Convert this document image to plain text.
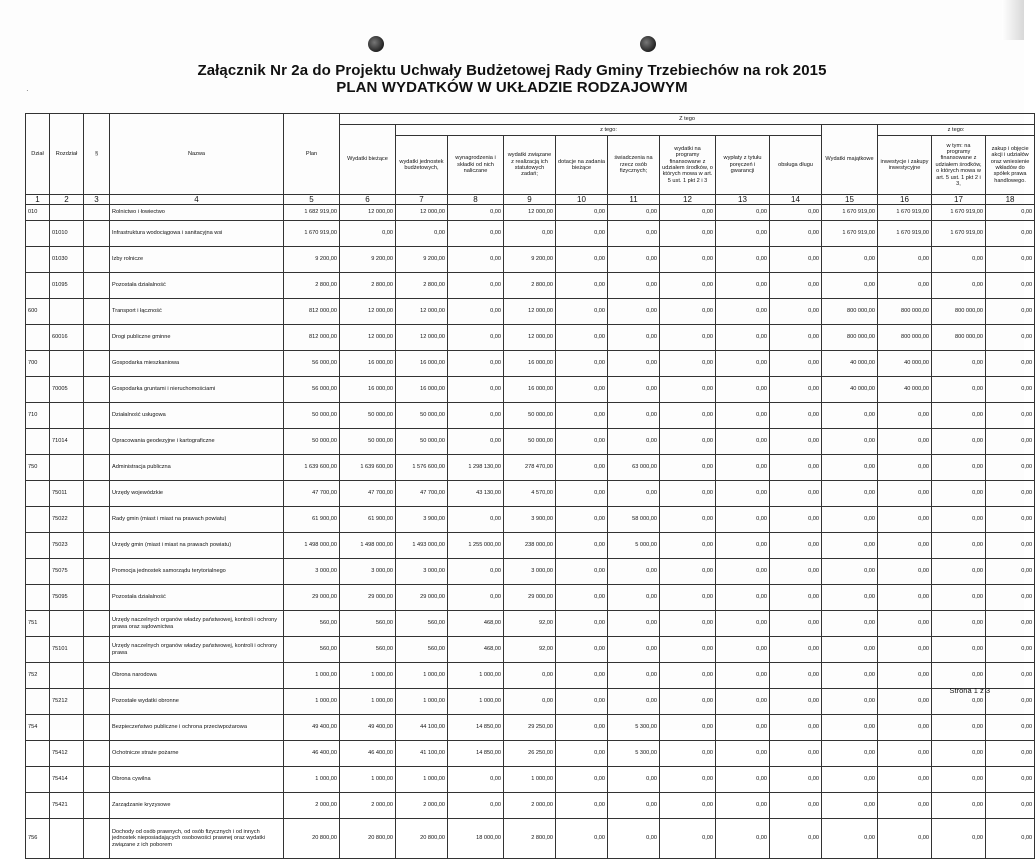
·
Załącznik Nr 2a do Projektu Uchwały Budżetowej Rady Gminy Trzebiechów na rok 2015
PLAN WYDATKÓW W UKŁADZIE RODZAJOWYM
Dział	Rozdział	§	Nazwa	Plan	Z tego												
					Wydatki bieżące	z tego:								Wydatki majątkowe	z tego:		
						wydatki jednostek budżetowych,	wynagrodzenia i składki od nich naliczane	wydatki związane z realizacją ich statutowych zadań;	dotacje na zadania bieżące	świadczenia na rzecz osób fizycznych;	wydatki na programy finansowane z udziałem środków, o których mowa w art. 5 ust. 1 pkt 2 i 3	wypłaty z tytułu poręczeń i gwarancji	obsługa długu		inwestycje i zakupy inwestycyjne	w tym: na programy finansowane z udziałem środków, o których mowa w art. 5 ust. 1 pkt 2 i 3,	zakup i objęcie akcji i udziałów oraz wniesienie wkładów do spółek prawa handlowego.
1	2	3	4	5	6	7	8	9	10	11	12	13	14	15	16	17	18
010			Rolnictwo i łowiectwo	1 682 919,00	12 000,00	12 000,00	0,00	12 000,00	0,00	0,00	0,00	0,00	0,00	1 670 919,00	1 670 919,00	1 670 919,00	0,00
	01010		Infrastruktura wodociągowa i sanitacyjna wsi	1 670 919,00	0,00	0,00	0,00	0,00	0,00	0,00	0,00	0,00	0,00	1 670 919,00	1 670 919,00	1 670 919,00	0,00
	01030		Izby rolnicze	9 200,00	9 200,00	9 200,00	0,00	9 200,00	0,00	0,00	0,00	0,00	0,00	0,00	0,00	0,00	0,00
	01095		Pozostała działalność	2 800,00	2 800,00	2 800,00	0,00	2 800,00	0,00	0,00	0,00	0,00	0,00	0,00	0,00	0,00	0,00
600			Transport i łączność	812 000,00	12 000,00	12 000,00	0,00	12 000,00	0,00	0,00	0,00	0,00	0,00	800 000,00	800 000,00	800 000,00	0,00
	60016		Drogi publiczne gminne	812 000,00	12 000,00	12 000,00	0,00	12 000,00	0,00	0,00	0,00	0,00	0,00	800 000,00	800 000,00	800 000,00	0,00
700			Gospodarka mieszkaniowa	56 000,00	16 000,00	16 000,00	0,00	16 000,00	0,00	0,00	0,00	0,00	0,00	40 000,00	40 000,00	0,00	0,00
	70005		Gospodarka gruntami i nieruchomościami	56 000,00	16 000,00	16 000,00	0,00	16 000,00	0,00	0,00	0,00	0,00	0,00	40 000,00	40 000,00	0,00	0,00
710			Działalność usługowa	50 000,00	50 000,00	50 000,00	0,00	50 000,00	0,00	0,00	0,00	0,00	0,00	0,00	0,00	0,00	0,00
	71014		Opracowania geodezyjne i kartograficzne	50 000,00	50 000,00	50 000,00	0,00	50 000,00	0,00	0,00	0,00	0,00	0,00	0,00	0,00	0,00	0,00
750			Administracja publiczna	1 639 600,00	1 639 600,00	1 576 600,00	1 298 130,00	278 470,00	0,00	63 000,00	0,00	0,00	0,00	0,00	0,00	0,00	0,00
	75011		Urzędy wojewódzkie	47 700,00	47 700,00	47 700,00	43 130,00	4 570,00	0,00	0,00	0,00	0,00	0,00	0,00	0,00	0,00	0,00
	75022		Rady gmin (miast i miast na prawach powiatu)	61 900,00	61 900,00	3 900,00	0,00	3 900,00	0,00	58 000,00	0,00	0,00	0,00	0,00	0,00	0,00	0,00
	75023		Urzędy gmin (miast i miast na prawach powiatu)	1 498 000,00	1 498 000,00	1 493 000,00	1 255 000,00	238 000,00	0,00	5 000,00	0,00	0,00	0,00	0,00	0,00	0,00	0,00
	75075		Promocja jednostek samorządu terytorialnego	3 000,00	3 000,00	3 000,00	0,00	3 000,00	0,00	0,00	0,00	0,00	0,00	0,00	0,00	0,00	0,00
	75095		Pozostała działalność	29 000,00	29 000,00	29 000,00	0,00	29 000,00	0,00	0,00	0,00	0,00	0,00	0,00	0,00	0,00	0,00
751			Urzędy naczelnych organów władzy państwowej, kontroli i ochrony prawa oraz sądownictwa	560,00	560,00	560,00	468,00	92,00	0,00	0,00	0,00	0,00	0,00	0,00	0,00	0,00	0,00
	75101		Urzędy naczelnych organów władzy państwowej, kontroli i ochrony prawa	560,00	560,00	560,00	468,00	92,00	0,00	0,00	0,00	0,00	0,00	0,00	0,00	0,00	0,00
752			Obrona narodowa	1 000,00	1 000,00	1 000,00	1 000,00	0,00	0,00	0,00	0,00	0,00	0,00	0,00	0,00	0,00	0,00
	75212		Pozostałe wydatki obronne	1 000,00	1 000,00	1 000,00	1 000,00	0,00	0,00	0,00	0,00	0,00	0,00	0,00	0,00	0,00	0,00
754			Bezpieczeństwo publiczne i ochrona przeciwpożarowa	49 400,00	49 400,00	44 100,00	14 850,00	29 250,00	0,00	5 300,00	0,00	0,00	0,00	0,00	0,00	0,00	0,00
	75412		Ochotnicze straże pożarne	46 400,00	46 400,00	41 100,00	14 850,00	26 250,00	0,00	5 300,00	0,00	0,00	0,00	0,00	0,00	0,00	0,00
	75414		Obrona cywilna	1 000,00	1 000,00	1 000,00	0,00	1 000,00	0,00	0,00	0,00	0,00	0,00	0,00	0,00	0,00	0,00
	75421		Zarządzanie kryzysowe	2 000,00	2 000,00	2 000,00	0,00	2 000,00	0,00	0,00	0,00	0,00	0,00	0,00	0,00	0,00	0,00
756			Dochody od osób prawnych, od osób fizycznych i od innych jednostek nieposiadających osobowości prawnej oraz wydatki związane z ich poborem	20 800,00	20 800,00	20 800,00	18 000,00	2 800,00	0,00	0,00	0,00	0,00	0,00	0,00	0,00	0,00	0,00
Strona 1 z 3
